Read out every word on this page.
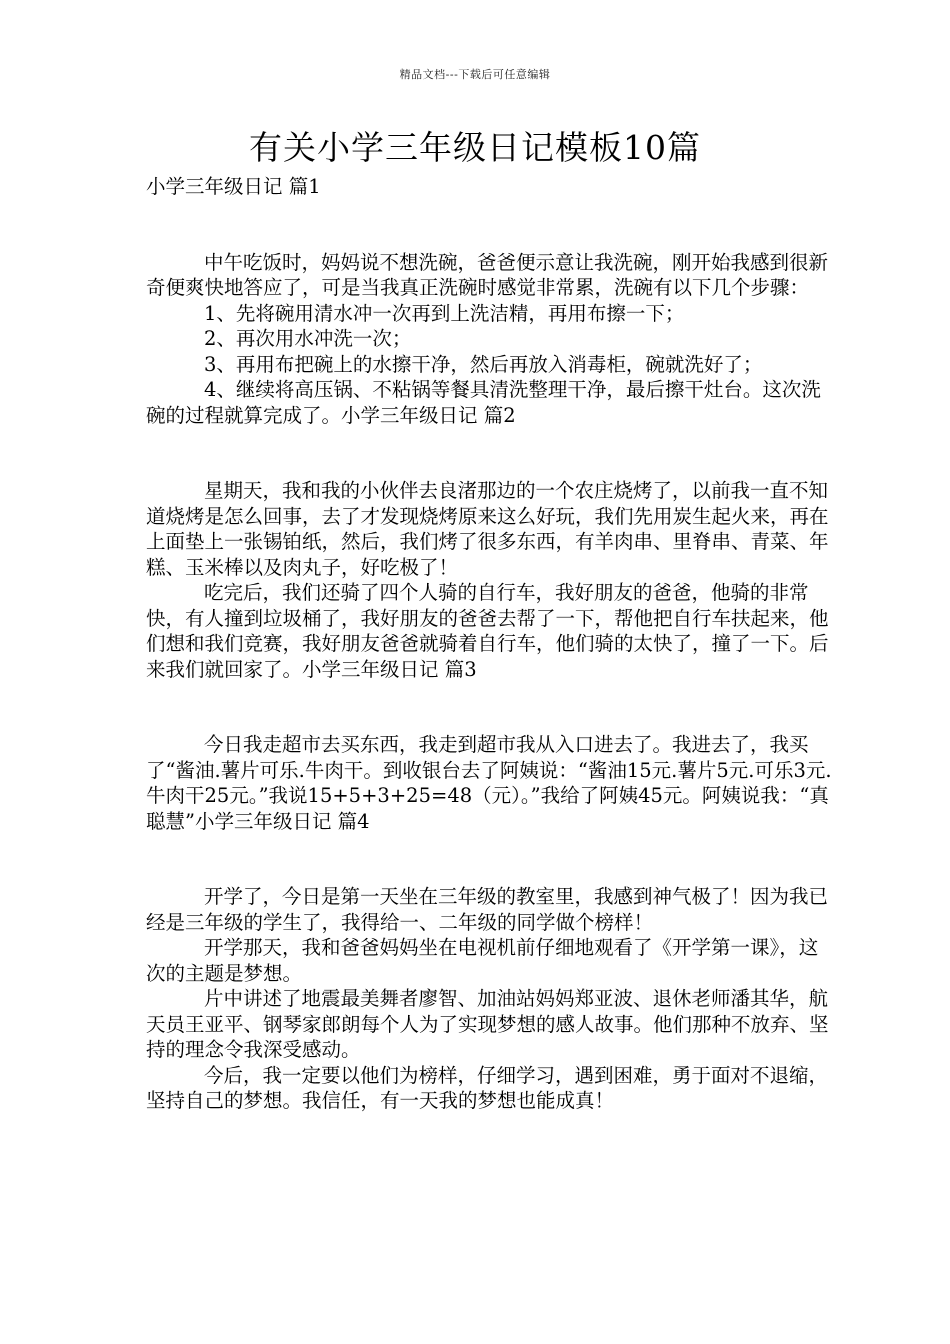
精品文档---下载后可任意编辑
有关小学三年级日记模板10篇

小学三年级日记 篇1

中午吃饭时，妈妈说不想洗碗，爸爸便示意让我洗碗，刚开始我感到很新奇便爽快地答应了，可是当我真正洗碗时感觉非常累，洗碗有以下几个步骤：

1、先将碗用清水冲一次再到上洗洁精，再用布擦一下；

2、再次用水冲洗一次；

3、再用布把碗上的水擦干净，然后再放入消毒柜，碗就洗好了；

4、继续将高压锅、不粘锅等餐具清洗整理干净，最后擦干灶台。这次洗碗的过程就算完成了。小学三年级日记 篇2

星期天，我和我的小伙伴去良渚那边的一个农庄烧烤了，以前我一直不知道烧烤是怎么回事，去了才发现烧烤原来这么好玩，我们先用炭生起火来，再在上面垫上一张锡铂纸，然后，我们烤了很多东西，有羊肉串、里脊串、青菜、年糕、玉米棒以及肉丸子，好吃极了！

吃完后，我们还骑了四个人骑的自行车，我好朋友的爸爸，他骑的非常快，有人撞到垃圾桶了，我好朋友的爸爸去帮了一下，帮他把自行车扶起来，他们想和我们竞赛，我好朋友爸爸就骑着自行车，他们骑的太快了，撞了一下。后来我们就回家了。小学三年级日记 篇3

今日我走超市去买东西，我走到超市我从入口进去了。我进去了，我买了“酱油.薯片可乐.牛肉干。到收银台去了阿姨说：“酱油15元.薯片5元.可乐3元.牛肉干25元。”我说15+5+3+25=48（元）。”我给了阿姨45元。阿姨说我：“真聪慧”小学三年级日记 篇4

开学了，今日是第一天坐在三年级的教室里，我感到神气极了！因为我已经是三年级的学生了，我得给一、二年级的同学做个榜样！

开学那天，我和爸爸妈妈坐在电视机前仔细地观看了《开学第一课》，这次的主题是梦想。

片中讲述了地震最美舞者廖智、加油站妈妈郑亚波、退休老师潘其华，航天员王亚平、钢琴家郎朗每个人为了实现梦想的感人故事。他们那种不放弃、坚持的理念令我深受感动。

今后，我一定要以他们为榜样，仔细学习，遇到困难，勇于面对不退缩，坚持自己的梦想。我信任，有一天我的梦想也能成真！
